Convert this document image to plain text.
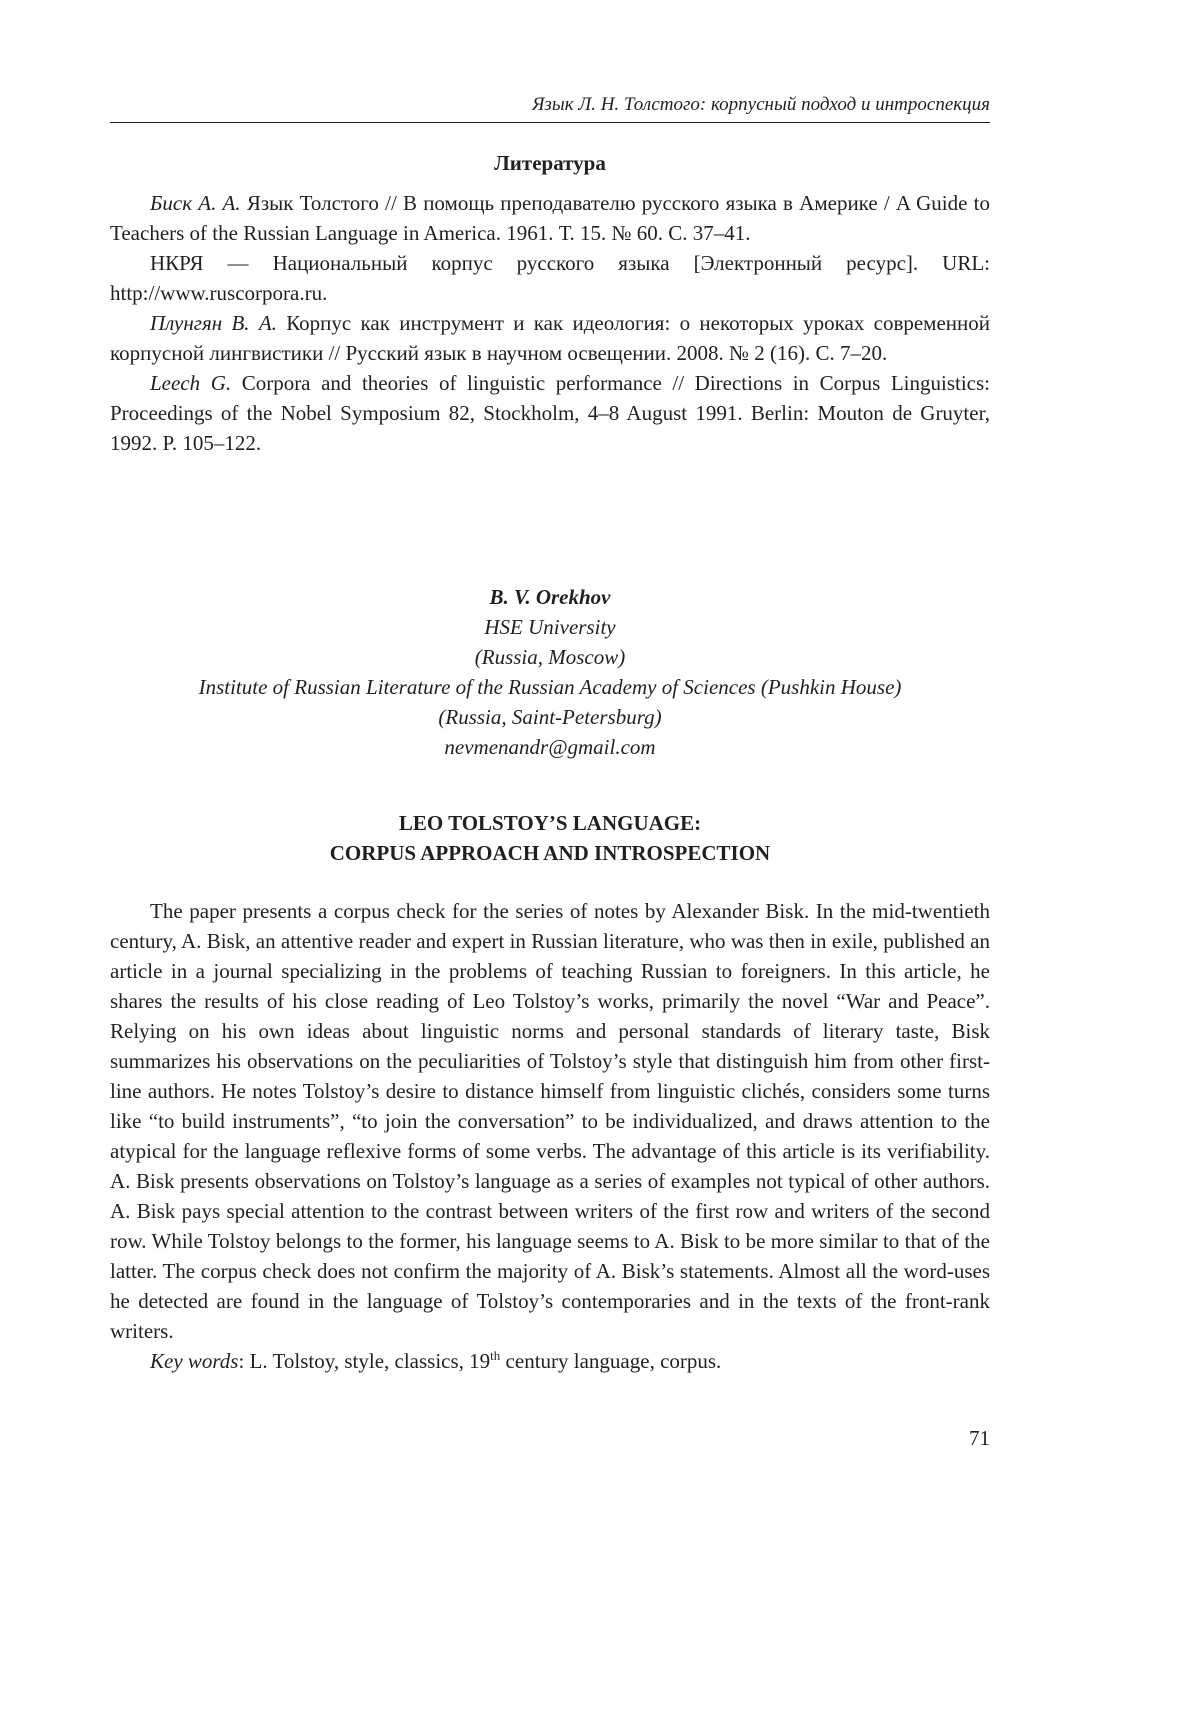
Язык Л. Н. Толстого: корпусный подход и интроспекция
Литература

Биск А. А. Язык Толстого // В помощь преподавателю русского языка в Америке / A Guide to Teachers of the Russian Language in America. 1961. Т. 15. № 60. С. 37–41.

НКРЯ — Национальный корпус русского языка [Электронный ресурс]. URL: http://www.ruscorpora.ru.

Плунгян В. А. Корпус как инструмент и как идеология: о некоторых уроках современной корпусной лингвистики // Русский язык в научном освещении. 2008. № 2 (16). С. 7–20.

Leech G. Corpora and theories of linguistic performance // Directions in Corpus Linguistics: Proceedings of the Nobel Symposium 82, Stockholm, 4–8 August 1991. Berlin: Mouton de Gruyter, 1992. P. 105–122.

B. V. Orekhov
HSE University
(Russia, Moscow)
Institute of Russian Literature of the Russian Academy of Sciences (Pushkin House)
(Russia, Saint-Petersburg)
nevmenandr@gmail.com
LEO TOLSTOY’S LANGUAGE:
CORPUS APPROACH AND INTROSPECTION

The paper presents a corpus check for the series of notes by Alexander Bisk. In the mid-twentieth century, A. Bisk, an attentive reader and expert in Russian literature, who was then in exile, published an article in a journal specializing in the problems of teaching Russian to foreigners. In this article, he shares the results of his close reading of Leo Tolstoy’s works, primarily the novel “War and Peace”. Relying on his own ideas about linguistic norms and personal standards of literary taste, Bisk summarizes his observations on the peculiarities of Tolstoy’s style that distinguish him from other first-line authors. He notes Tolstoy’s desire to distance himself from linguistic clichés, considers some turns like “to build instruments”, “to join the conversation” to be individualized, and draws attention to the atypical for the language reflexive forms of some verbs. The advantage of this article is its verifiability. A. Bisk presents observations on Tolstoy’s language as a series of examples not typical of other authors. A. Bisk pays special attention to the contrast between writers of the first row and writers of the second row. While Tolstoy belongs to the former, his language seems to A. Bisk to be more similar to that of the latter. The corpus check does not confirm the majority of A. Bisk’s statements. Almost all the word-uses he detected are found in the language of Tolstoy’s contemporaries and in the texts of the front-rank writers.

Key words: L. Tolstoy, style, classics, 19th century language, corpus.

71
